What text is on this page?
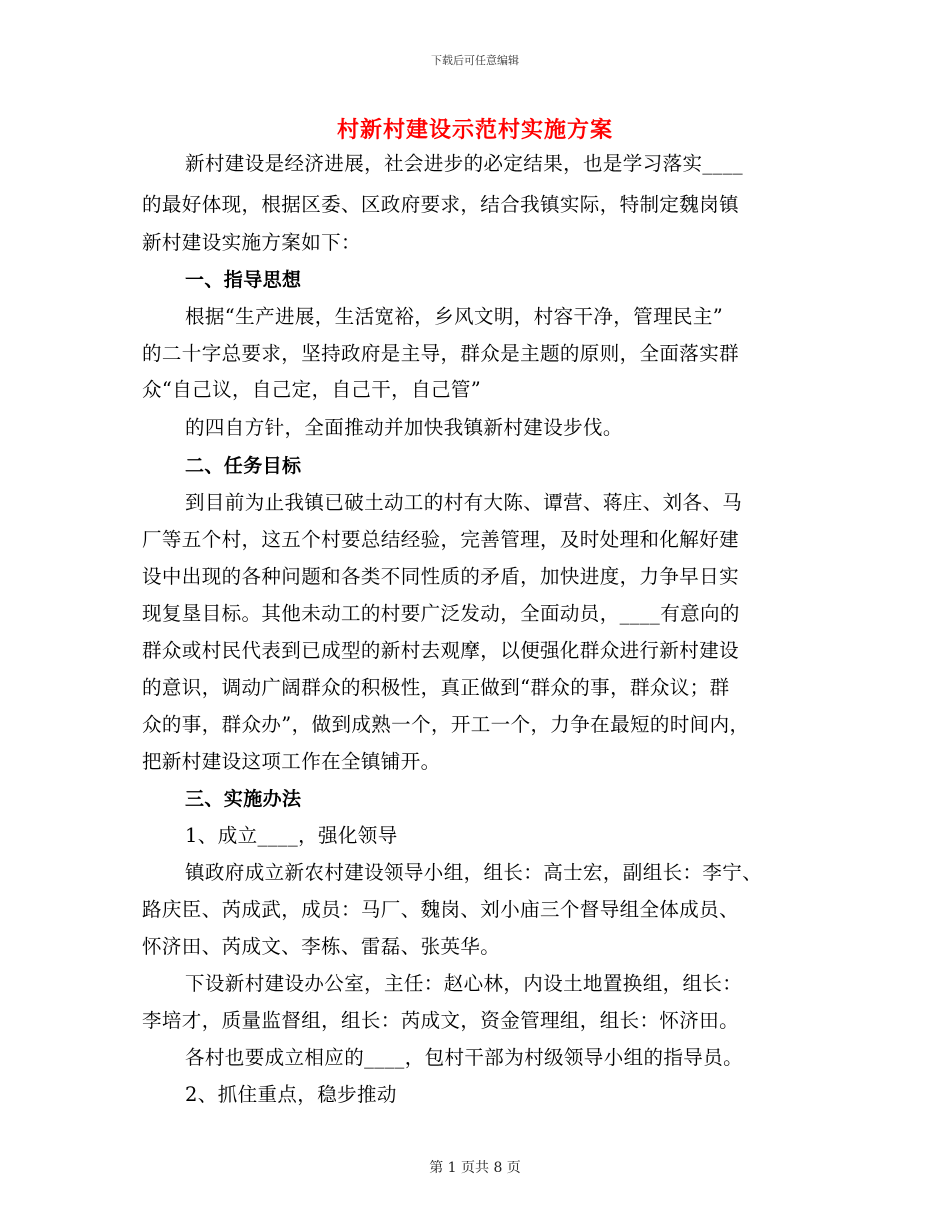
下载后可任意编辑
村新村建设示范村实施方案
新村建设是经济进展，社会进步的必定结果，也是学习落实____
的最好体现，根据区委、区政府要求，结合我镇实际，特制定魏岗镇
新村建设实施方案如下：
一、指导思想
根据“生产进展，生活宽裕，乡风文明，村容干净，管理民主”
的二十字总要求，坚持政府是主导，群众是主题的原则，全面落实群
众“自己议，自己定，自己干，自己管”
的四自方针，全面推动并加快我镇新村建设步伐。
二、任务目标
到目前为止我镇已破土动工的村有大陈、谭营、蒋庄、刘各、马
厂等五个村，这五个村要总结经验，完善管理，及时处理和化解好建
设中出现的各种问题和各类不同性质的矛盾，加快进度，力争早日实
现复垦目标。其他未动工的村要广泛发动，全面动员，____有意向的
群众或村民代表到已成型的新村去观摩，以便强化群众进行新村建设
的意识，调动广阔群众的积极性，真正做到“群众的事，群众议；群
众的事，群众办”，做到成熟一个，开工一个，力争在最短的时间内，
把新村建设这项工作在全镇铺开。
三、实施办法
1、成立____，强化领导
镇政府成立新农村建设领导小组，组长：高士宏，副组长：李宁、
路庆臣、芮成武，成员：马厂、魏岗、刘小庙三个督导组全体成员、
怀济田、芮成文、李栋、雷磊、张英华。
下设新村建设办公室，主任：赵心林，内设土地置换组，组长：
李培才，质量监督组，组长：芮成文，资金管理组，组长：怀济田。
各村也要成立相应的____，包村干部为村级领导小组的指导员。
2、抓住重点，稳步推动
第 1 页共 8 页
